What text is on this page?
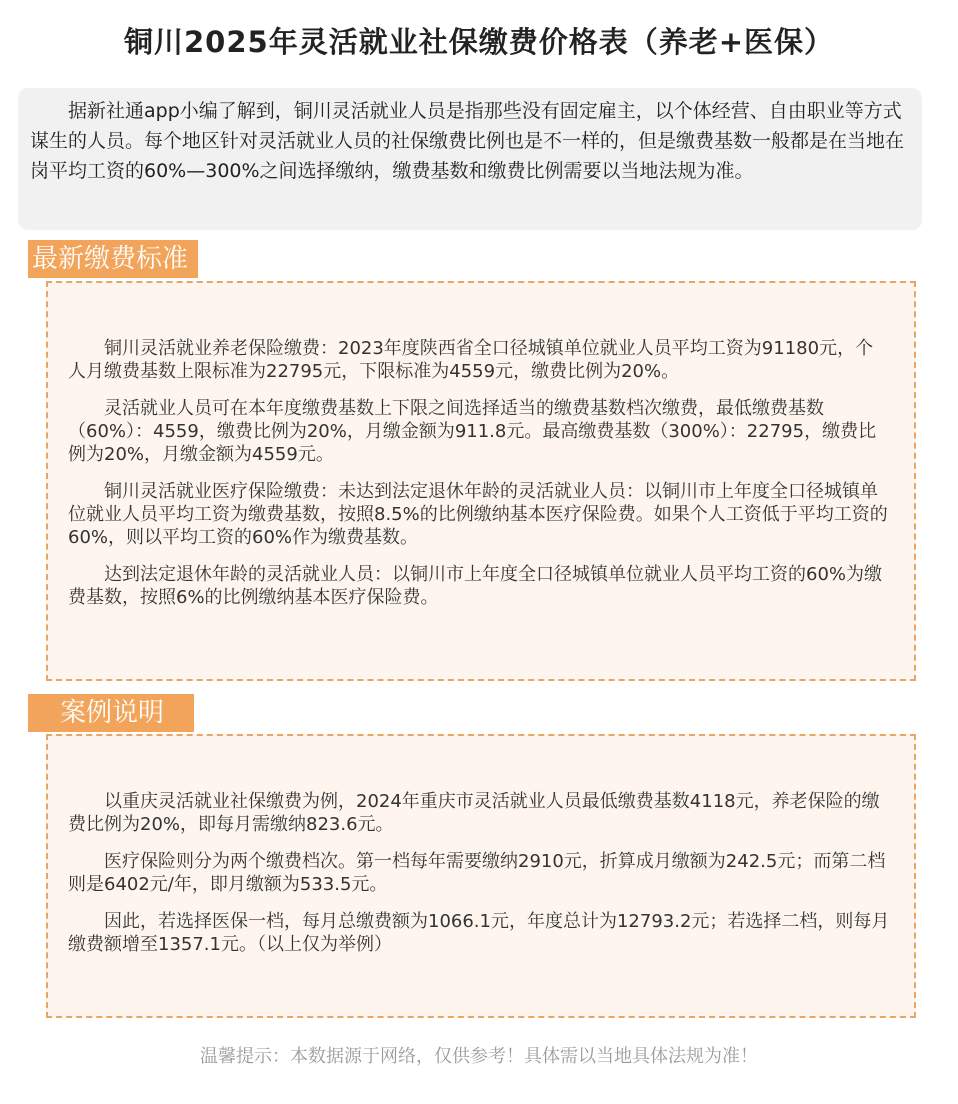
铜川2025年灵活就业社保缴费价格表（养老+医保）

据新社通app小编了解到，铜川灵活就业人员是指那些没有固定雇主，以个体经营、自由职业等方式谋生的人员。每个地区针对灵活就业人员的社保缴费比例也是不一样的，但是缴费基数一般都是在当地在岗平均工资的60%—300%之间选择缴纳，缴费基数和缴费比例需要以当地法规为准。

最新缴费标准

铜川灵活就业养老保险缴费：2023年度陕西省全口径城镇单位就业人员平均工资为91180元，个人月缴费基数上限标准为22795元，下限标准为4559元，缴费比例为20%。

灵活就业人员可在本年度缴费基数上下限之间选择适当的缴费基数档次缴费，最低缴费基数（60%）：4559，缴费比例为20%，月缴金额为911.8元。最高缴费基数（300%）：22795，缴费比例为20%，月缴金额为4559元。

铜川灵活就业医疗保险缴费：未达到法定退休年龄的灵活就业人员：以铜川市上年度全口径城镇单位就业人员平均工资为缴费基数，按照8.5%的比例缴纳基本医疗保险费。如果个人工资低于平均工资的60%，则以平均工资的60%作为缴费基数。

达到法定退休年龄的灵活就业人员：以铜川市上年度全口径城镇单位就业人员平均工资的60%为缴费基数，按照6%的比例缴纳基本医疗保险费。

案例说明

以重庆灵活就业社保缴费为例，2024年重庆市灵活就业人员最低缴费基数4118元，养老保险的缴费比例为20%，即每月需缴纳823.6元。

医疗保险则分为两个缴费档次。第一档每年需要缴纳2910元，折算成月缴额为242.5元；而第二档则是6402元/年，即月缴额为533.5元。

因此，若选择医保一档，每月总缴费额为1066.1元，年度总计为12793.2元；若选择二档，则每月缴费额增至1357.1元。（以上仅为举例）

温馨提示：本数据源于网络，仅供参考！具体需以当地具体法规为准！
